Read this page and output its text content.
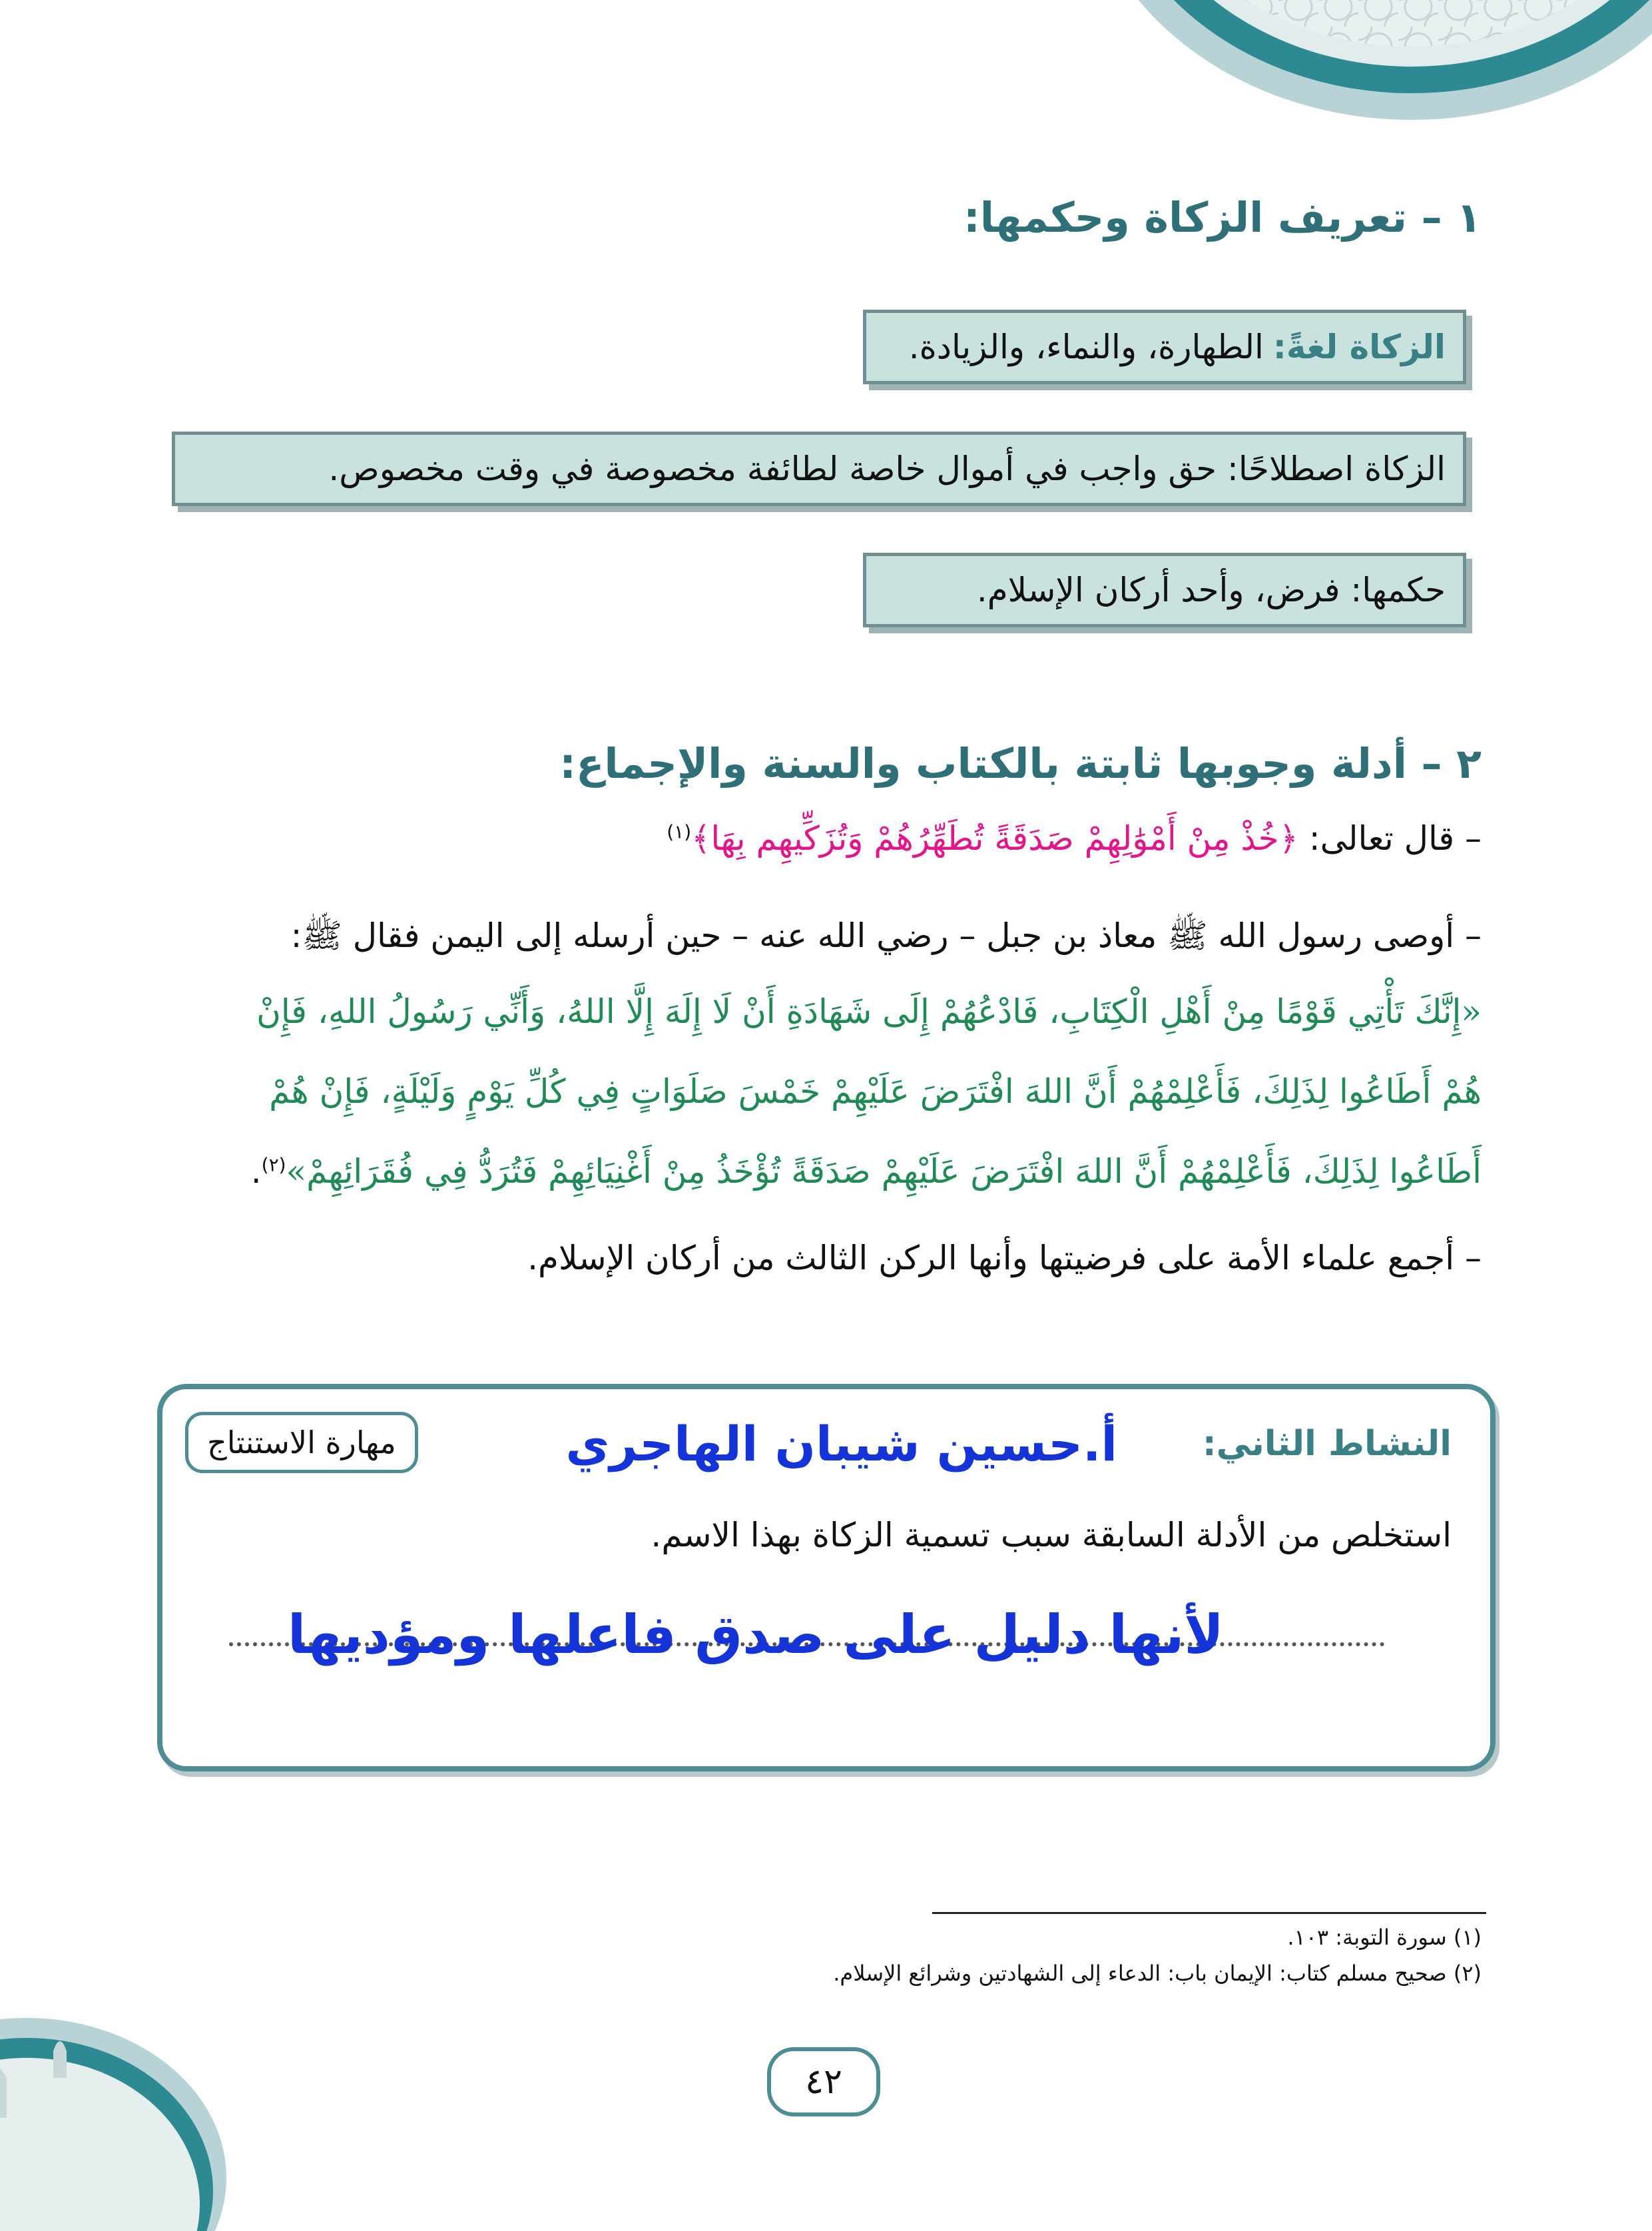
١ – تعريف الزكاة وحكمها:
الزكاة لغةً:
الطهارة، والنماء، والزيادة.
الزكاة اصطلاحًا: حق واجب في أموال خاصة لطائفة مخصوصة في وقت مخصوص.
حكمها: فرض، وأحد أركان الإسلام.
٢ – أدلة وجوبها ثابتة بالكتاب والسنة والإجماع:
– قال تعالى: ﴿خُذْ مِنْ أَمْوَٰلِهِمْ صَدَقَةً تُطَهِّرُهُمْ وَتُزَكِّيهِم بِهَا﴾$^{(١)}$
– أوصى رسول الله ﷺ معاذ بن جبل – رضي الله عنه – حين أرسله إلى اليمن فقال ﷺ:
«إِنَّكَ تَأْتِي قَوْمًا مِنْ أَهْلِ الْكِتَابِ، فَادْعُهُمْ إِلَى شَهَادَةِ أَنْ لَا إِلَهَ إِلَّا اللهُ، وَأَنِّي رَسُولُ اللهِ، فَإِنْ
هُمْ أَطَاعُوا لِذَلِكَ، فَأَعْلِمْهُمْ أَنَّ اللهَ افْتَرَضَ عَلَيْهِمْ خَمْسَ صَلَوَاتٍ فِي كُلِّ يَوْمٍ وَلَيْلَةٍ، فَإِنْ هُمْ
أَطَاعُوا لِذَلِكَ، فَأَعْلِمْهُمْ أَنَّ اللهَ افْتَرَضَ عَلَيْهِمْ صَدَقَةً تُؤْخَذُ مِنْ أَغْنِيَائِهِمْ فَتُرَدُّ فِي فُقَرَائِهِمْ»$^{(٢)}$.
– أجمع علماء الأمة على فرضيتها وأنها الركن الثالث من أركان الإسلام.
النشاط الثاني:
أ.حسين شيبان الهاجري
مهارة الاستنتاج
استخلص من الأدلة السابقة سبب تسمية الزكاة بهذا الاسم.
لأنها دليل على صدق فاعلها ومؤديها
(١) سورة التوبة: ١٠٣.
(٢) صحيح مسلم كتاب: الإيمان باب: الدعاء إلى الشهادتين وشرائع الإسلام.
٤٢
